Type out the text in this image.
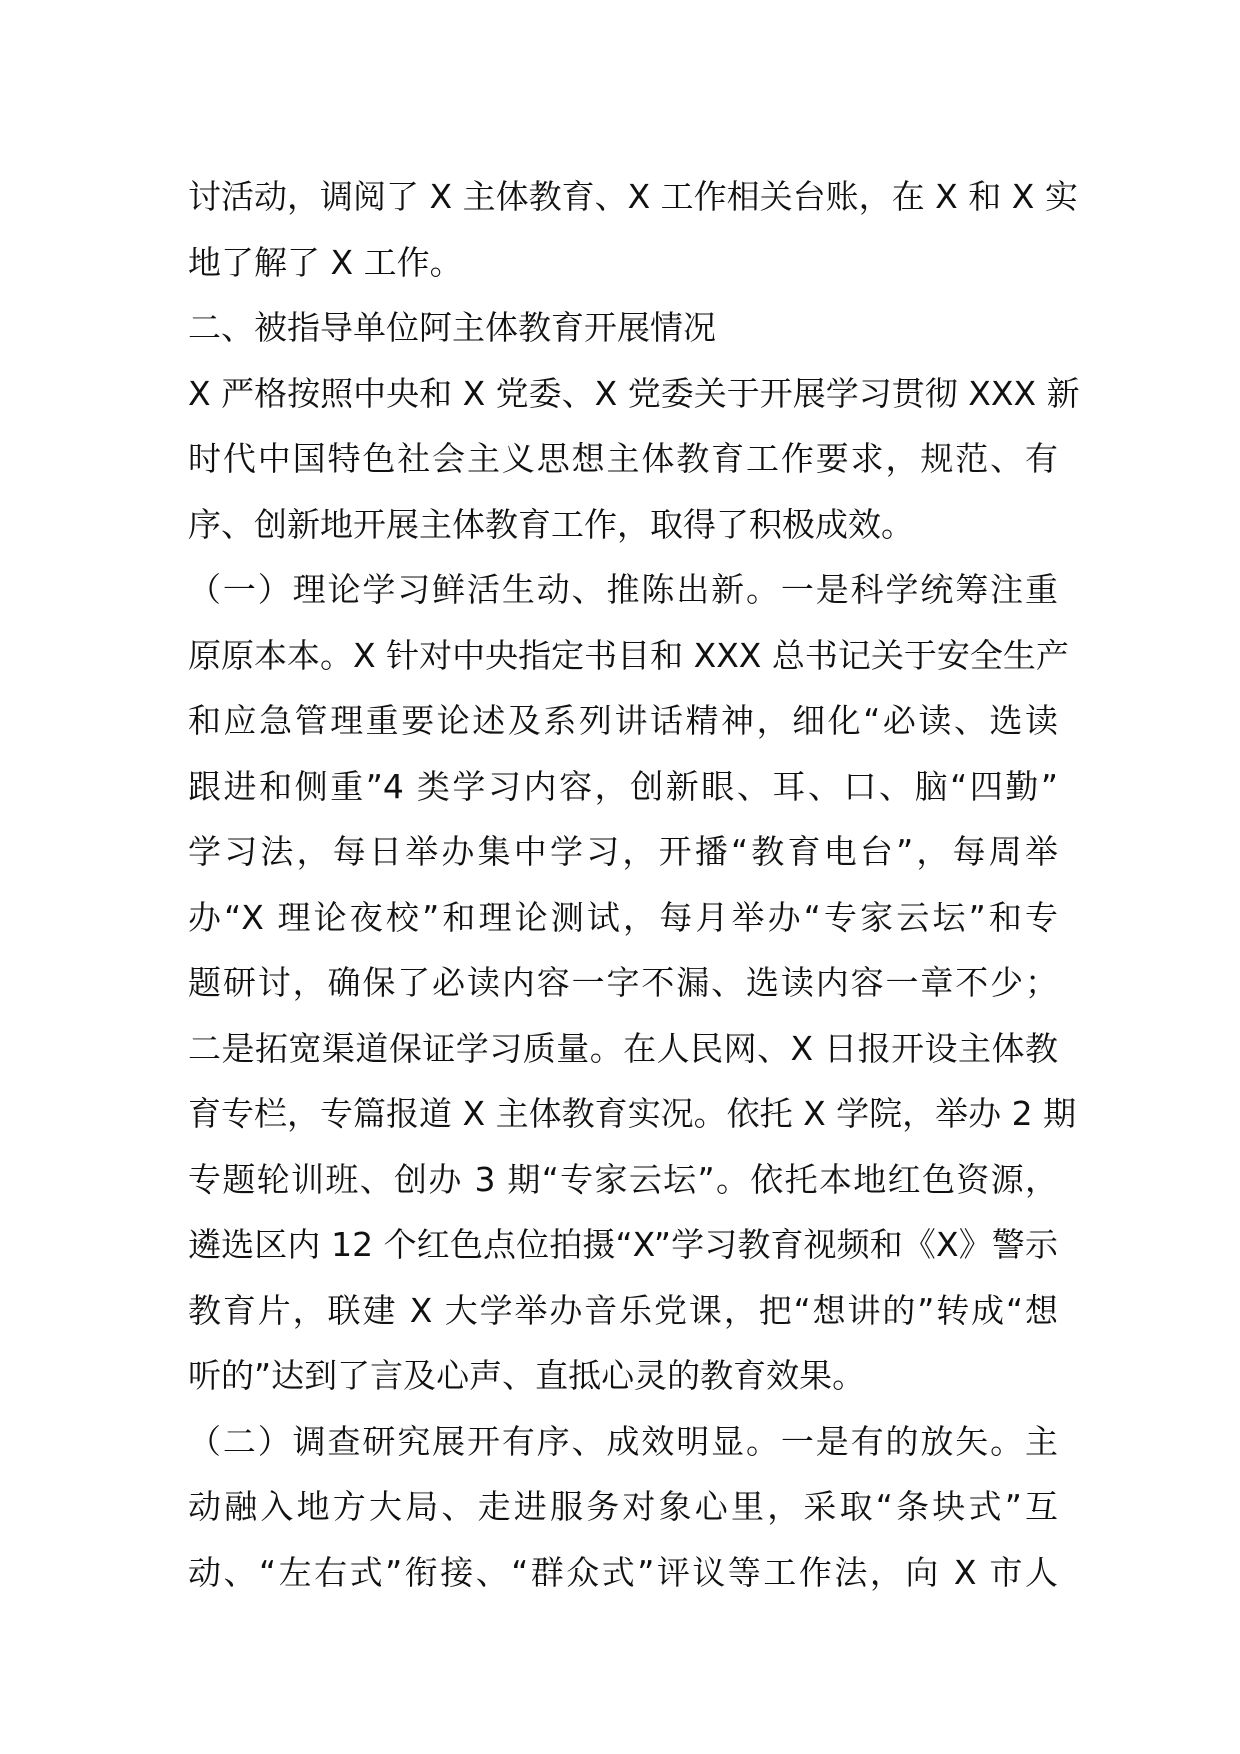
讨活动，调阅了 X 主体教育、X 工作相关台账，在 X 和 X 实
地了解了 X 工作。
二、被指导单位阿主体教育开展情况
X 严格按照中央和 X 党委、X 党委关于开展学习贯彻 XXX 新
时代中国特色社会主义思想主体教育工作要求，规范、有
序、创新地开展主体教育工作，取得了积极成效。
（一）理论学习鲜活生动、推陈出新。一是科学统筹注重
原原本本。X 针对中央指定书目和 XXX 总书记关于安全生产
和应急管理重要论述及系列讲话精神，细化“必读、选读
跟进和侧重”4 类学习内容，创新眼、耳、口、脑“四勤”
学习法，每日举办集中学习，开播“教育电台”，每周举
办“X 理论夜校”和理论测试，每月举办“专家云坛”和专
题研讨，确保了必读内容一字不漏、选读内容一章不少；
二是拓宽渠道保证学习质量。在人民网、X 日报开设主体教
育专栏，专篇报道 X 主体教育实况。依托 X 学院，举办 2 期
专题轮训班、创办 3 期“专家云坛”。依托本地红色资源，
遴选区内 12 个红色点位拍摄“X”学习教育视频和《X》警示
教育片，联建 X 大学举办音乐党课，把“想讲的”转成“想
听的”达到了言及心声、直抵心灵的教育效果。
（二）调查研究展开有序、成效明显。一是有的放矢。主
动融入地方大局、走进服务对象心里，采取“条块式”互
动、“左右式”衔接、“群众式”评议等工作法，向 X 市人
